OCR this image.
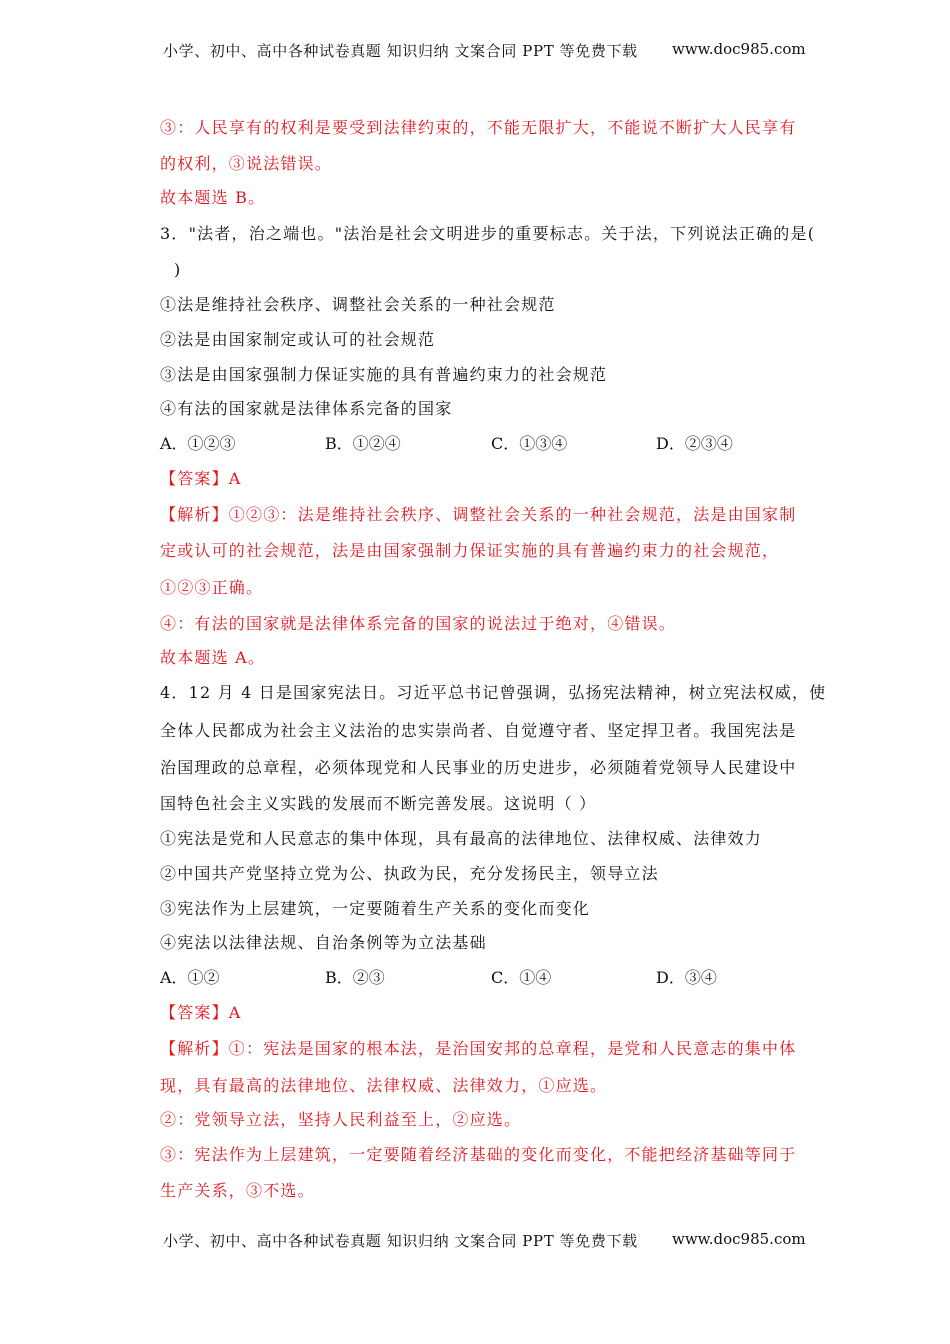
小学、初中、高中各种试卷真题 知识归纳 文案合同 PPT 等免费下载 www.doc985.com
③：人民享有的权利是要受到法律约束的，不能无限扩大，不能说不断扩大人民享有
的权利，③说法错误。
故本题选 B。
3．"法者，治之端也。"法治是社会文明进步的重要标志。关于法，下列说法正确的是(
)
①法是维持社会秩序、调整社会关系的一种社会规范
②法是由国家制定或认可的社会规范
③法是由国家强制力保证实施的具有普遍约束力的社会规范
④有法的国家就是法律体系完备的国家
A．①②③	B．①②④	C．①③④	D．②③④
【答案】A
【解析】①②③：法是维持社会秩序、调整社会关系的一种社会规范，法是由国家制
定或认可的社会规范，法是由国家强制力保证实施的具有普遍约束力的社会规范，
①②③正确。
④：有法的国家就是法律体系完备的国家的说法过于绝对，④错误。
故本题选 A。
4．12 月 4 日是国家宪法日。习近平总书记曾强调，弘扬宪法精神，树立宪法权威，使
全体人民都成为社会主义法治的忠实崇尚者、自觉遵守者、坚定捍卫者。我国宪法是
治国理政的总章程，必须体现党和人民事业的历史进步，必须随着党领导人民建设中
国特色社会主义实践的发展而不断完善发展。这说明（ ）
①宪法是党和人民意志的集中体现，具有最高的法律地位、法律权威、法律效力
②中国共产党坚持立党为公、执政为民，充分发扬民主，领导立法
③宪法作为上层建筑，一定要随着生产关系的变化而变化
④宪法以法律法规、自治条例等为立法基础
A．①②	B．②③	C．①④	D．③④
【答案】A
【解析】①：宪法是国家的根本法，是治国安邦的总章程，是党和人民意志的集中体
现，具有最高的法律地位、法律权威、法律效力，①应选。
②：党领导立法，坚持人民利益至上，②应选。
③：宪法作为上层建筑，一定要随着经济基础的变化而变化，不能把经济基础等同于
生产关系，③不选。
小学、初中、高中各种试卷真题 知识归纳 文案合同 PPT 等免费下载 www.doc985.com
